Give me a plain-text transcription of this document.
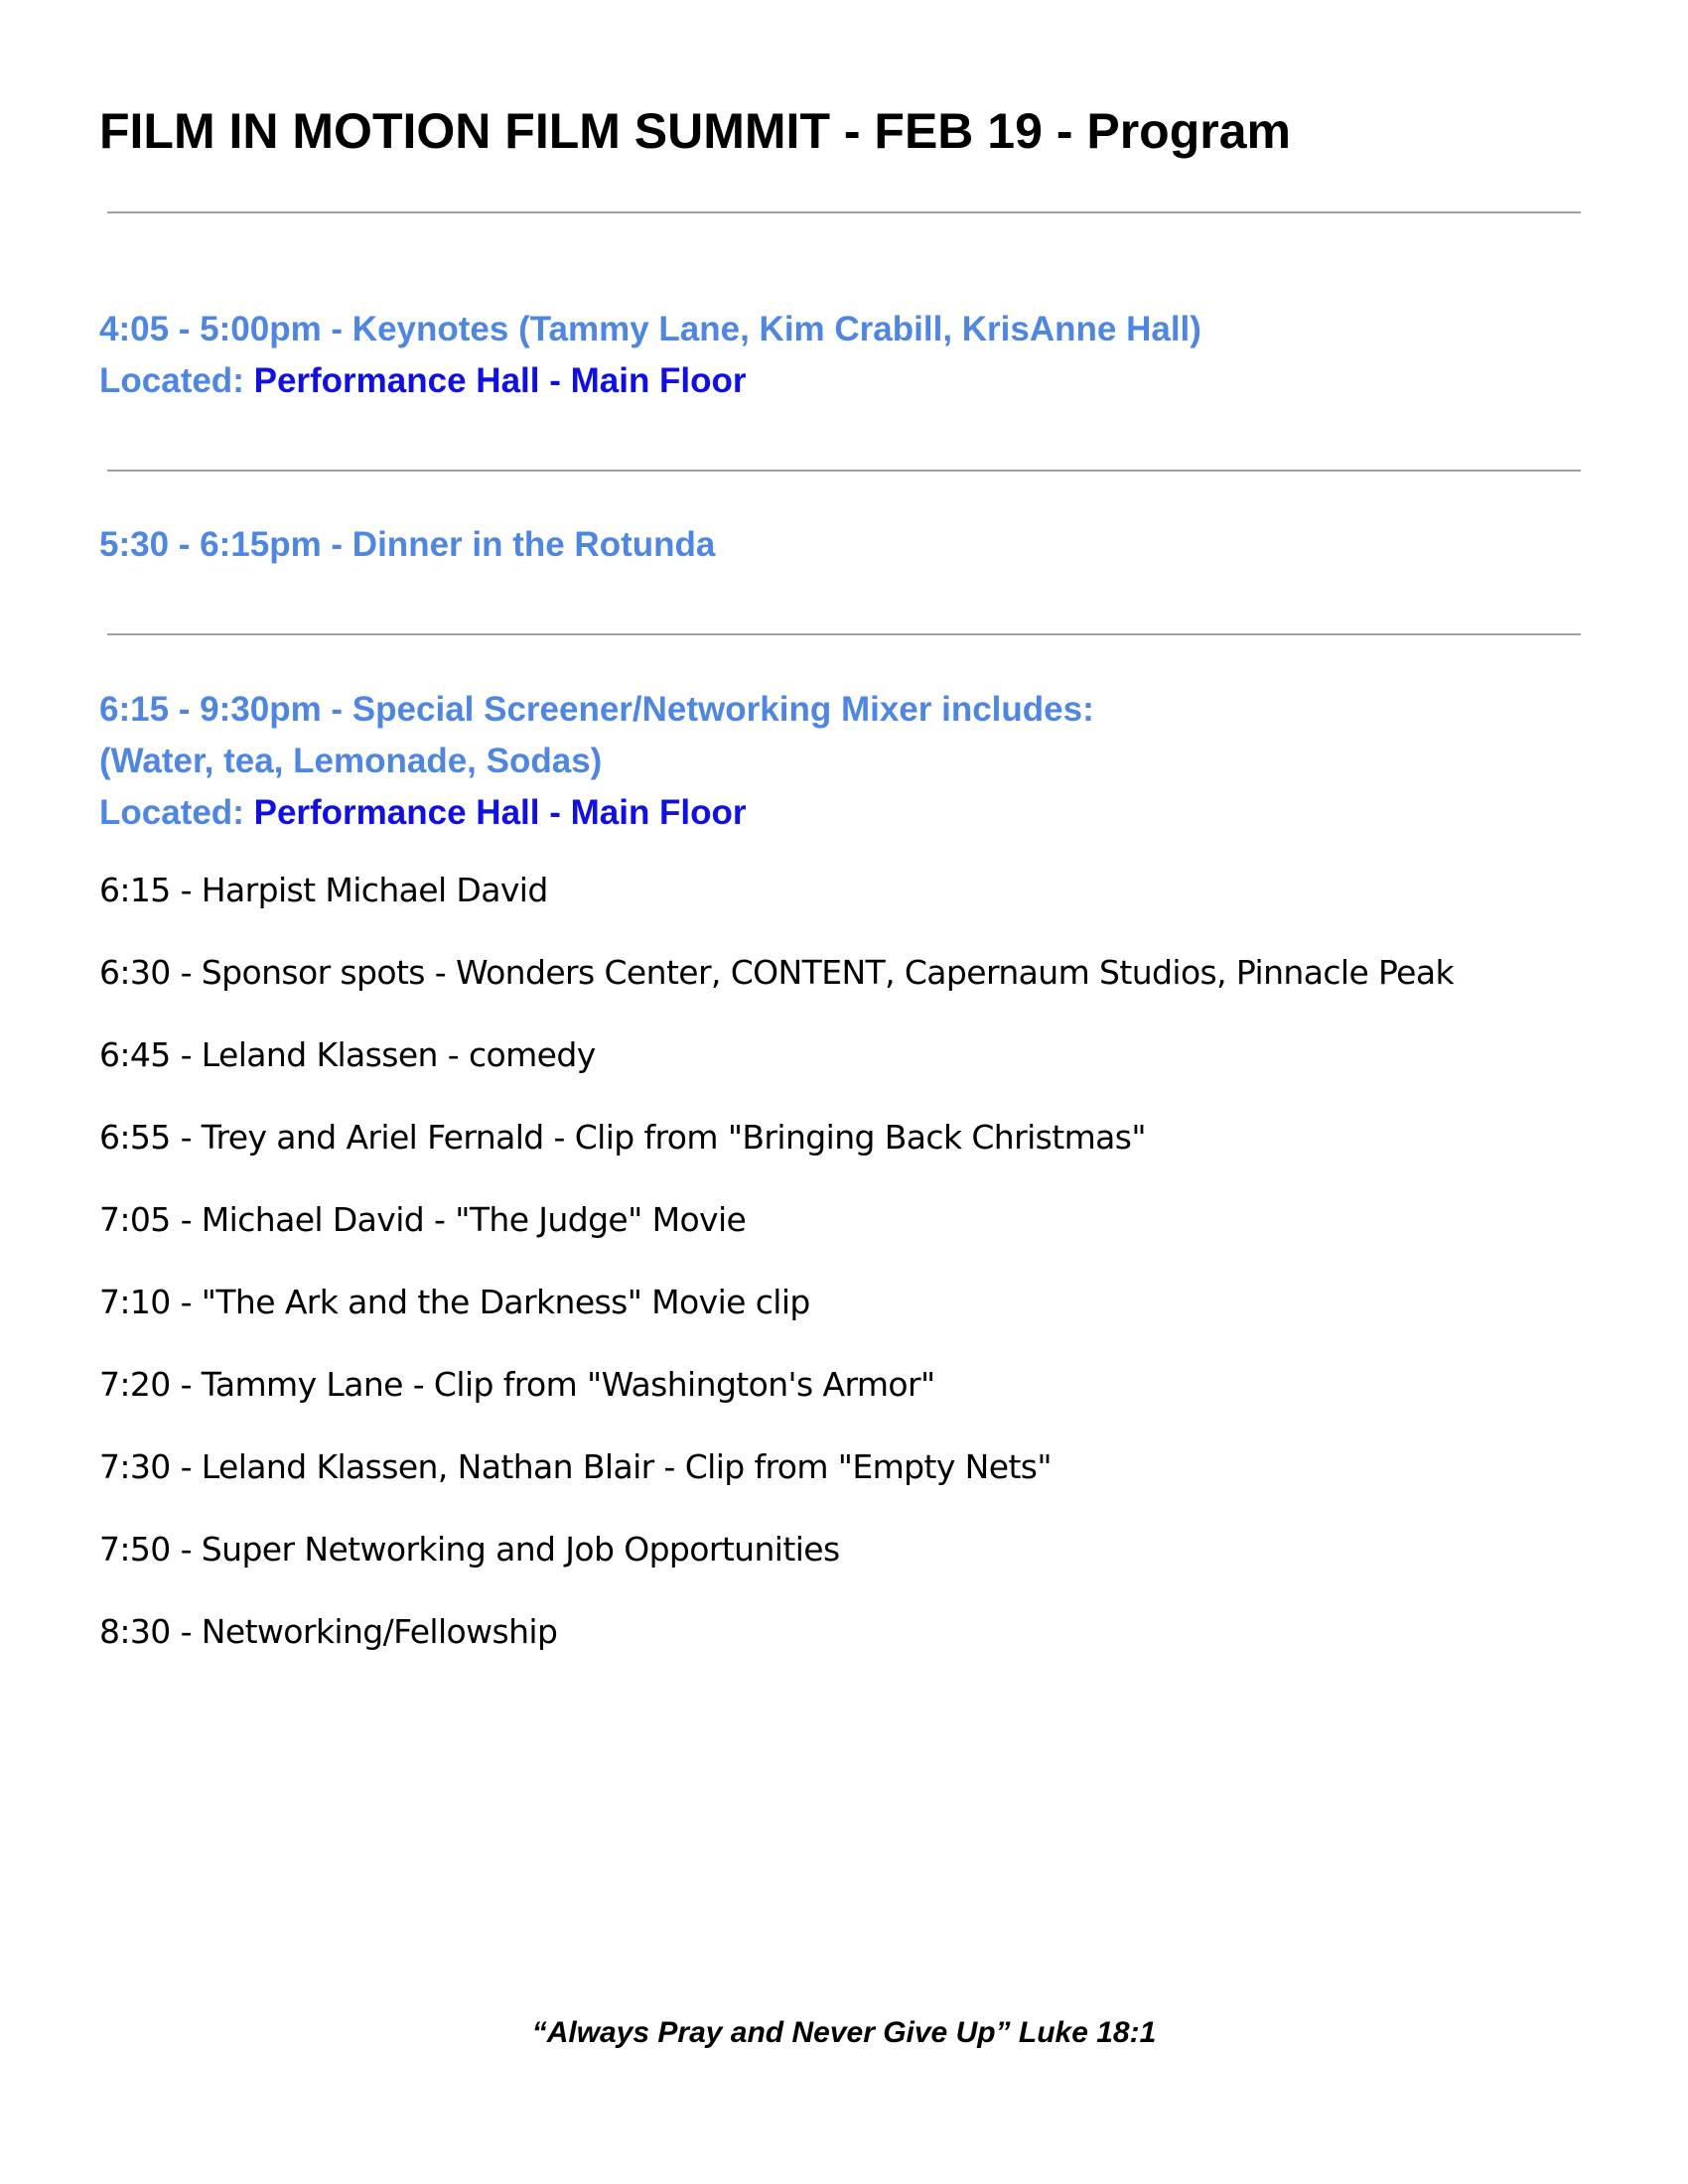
FILM IN MOTION FILM SUMMIT - FEB 19 - Program
4:05 - 5:00pm - Keynotes (Tammy Lane, Kim Crabill, KrisAnne Hall)
Located: Performance Hall - Main Floor
5:30 - 6:15pm - Dinner in the Rotunda
6:15 - 9:30pm - Special Screener/Networking Mixer includes:
(Water, tea, Lemonade, Sodas)
Located: Performance Hall - Main Floor
6:15 - Harpist Michael David
6:30 - Sponsor spots - Wonders Center, CONTENT, Capernaum Studios, Pinnacle Peak
6:45 - Leland Klassen - comedy
6:55 - Trey and Ariel Fernald - Clip from "Bringing Back Christmas"
7:05 - Michael David - "The Judge" Movie
7:10 - "The Ark and the Darkness" Movie clip
7:20 - Tammy Lane - Clip from "Washington's Armor"
7:30 - Leland Klassen, Nathan Blair - Clip from "Empty Nets"
7:50 - Super Networking and Job Opportunities
8:30 - Networking/Fellowship
“Always Pray and Never Give Up” Luke 18:1
